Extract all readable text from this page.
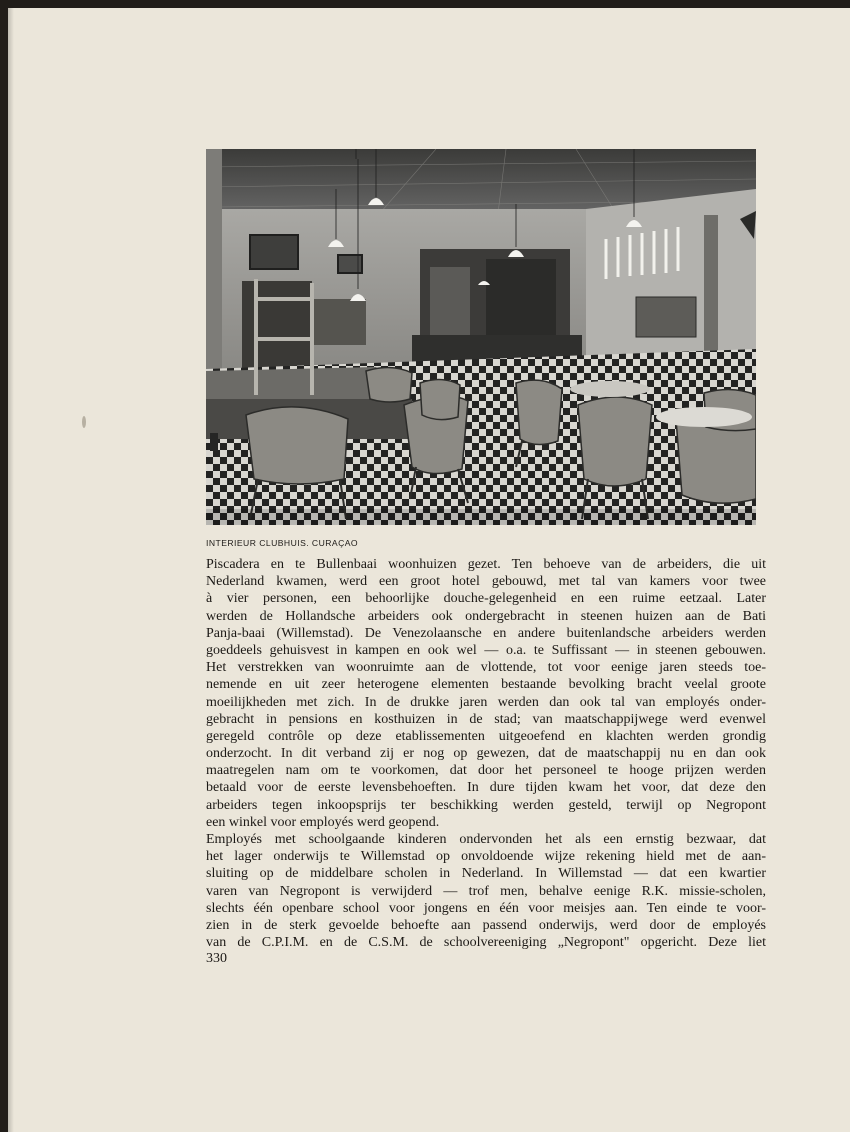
INTERIEUR CLUBHUIS. CURAÇAO
Piscadera en te Bullenbaai woonhuizen gezet. Ten behoeve van de arbeiders, die uit
Nederland kwamen, werd een groot hotel gebouwd, met tal van kamers voor twee
à vier personen, een behoorlijke douche-gelegenheid en een ruime eetzaal. Later
werden de Hollandsche arbeiders ook ondergebracht in steenen huizen aan de Bati
Panja-baai (Willemstad). De Venezolaansche en andere buitenlandsche arbeiders werden
goeddeels gehuisvest in kampen en ook wel — o.a. te Suffissant — in steenen gebouwen.
Het verstrekken van woonruimte aan de vlottende, tot voor eenige jaren steeds toe-
nemende en uit zeer heterogene elementen bestaande bevolking bracht veelal groote
moeilijkheden met zich. In de drukke jaren werden dan ook tal van employés onder-
gebracht in pensions en kosthuizen in de stad; van maatschappijwege werd evenwel
geregeld contrôle op deze etablissementen uitgeoefend en klachten werden grondig
onderzocht. In dit verband zij er nog op gewezen, dat de maatschappij nu en dan ook
maatregelen nam om te voorkomen, dat door het personeel te hooge prijzen werden
betaald voor de eerste levensbehoeften. In dure tijden kwam het voor, dat deze den
arbeiders tegen inkoopsprijs ter beschikking werden gesteld, terwijl op Negropont
een winkel voor employés werd geopend.
Employés met schoolgaande kinderen ondervonden het als een ernstig bezwaar, dat
het lager onderwijs te Willemstad op onvoldoende wijze rekening hield met de aan-
sluiting op de middelbare scholen in Nederland. In Willemstad — dat een kwartier
varen van Negropont is verwijderd — trof men, behalve eenige R.K. missie-scholen,
slechts één openbare school voor jongens en één voor meisjes aan. Ten einde te voor-
zien in de sterk gevoelde behoefte aan passend onderwijs, werd door de employés
van de C.P.I.M. en de C.S.M. de schoolvereeniging „Negropont" opgericht. Deze liet
330
